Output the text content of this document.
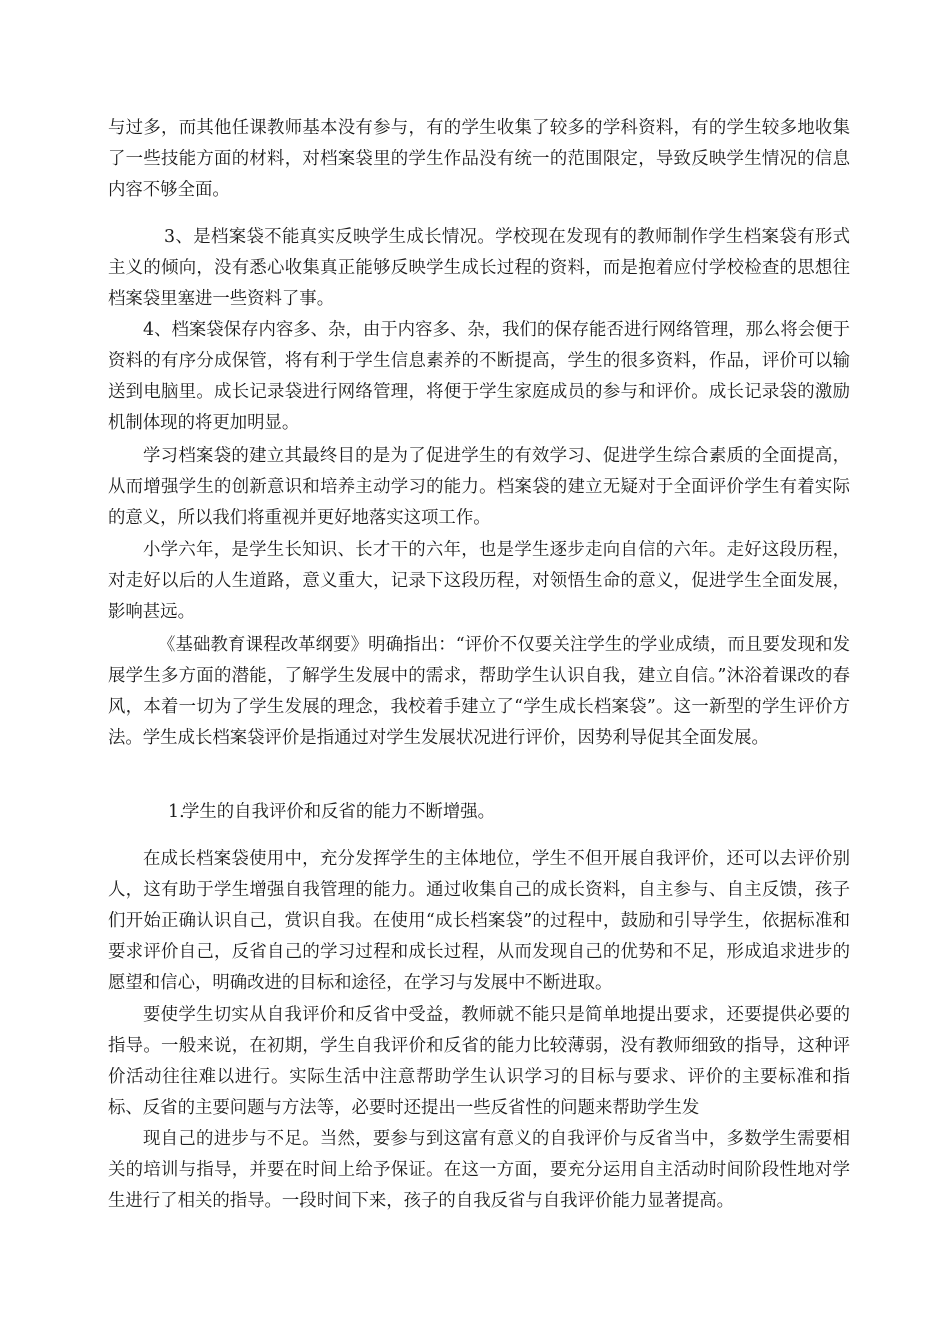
与过多，而其他任课教师基本没有参与，有的学生收集了较多的学科资料，有的学生较多地收集了一些技能方面的材料，对档案袋里的学生作品没有统一的范围限定，导致反映学生情况的信息内容不够全面。

3、是档案袋不能真实反映学生成长情况。学校现在发现有的教师制作学生档案袋有形式主义的倾向，没有悉心收集真正能够反映学生成长过程的资料，而是抱着应付学校检查的思想往档案袋里塞进一些资料了事。

4、档案袋保存内容多、杂，由于内容多、杂，我们的保存能否进行网络管理，那么将会便于资料的有序分成保管，将有利于学生信息素养的不断提高，学生的很多资料，作品，评价可以输送到电脑里。成长记录袋进行网络管理，将便于学生家庭成员的参与和评价。成长记录袋的激励机制体现的将更加明显。

学习档案袋的建立其最终目的是为了促进学生的有效学习、促进学生综合素质的全面提高，从而增强学生的创新意识和培养主动学习的能力。档案袋的建立无疑对于全面评价学生有着实际的意义，所以我们将重视并更好地落实这项工作。

小学六年，是学生长知识、长才干的六年，也是学生逐步走向自信的六年。走好这段历程，对走好以后的人生道路，意义重大，记录下这段历程，对领悟生命的意义，促进学生全面发展，影响甚远。

《基础教育课程改革纲要》明确指出：“评价不仅要关注学生的学业成绩，而且要发现和发展学生多方面的潜能，了解学生发展中的需求，帮助学生认识自我，建立自信。”沐浴着课改的春风，本着一切为了学生发展的理念，我校着手建立了“学生成长档案袋”。这一新型的学生评价方法。学生成长档案袋评价是指通过对学生发展状况进行评价，因势利导促其全面发展。

1.学生的自我评价和反省的能力不断增强。

在成长档案袋使用中，充分发挥学生的主体地位，学生不但开展自我评价，还可以去评价别人，这有助于学生增强自我管理的能力。通过收集自己的成长资料，自主参与、自主反馈，孩子们开始正确认识自己，赏识自我。在使用“成长档案袋”的过程中，鼓励和引导学生，依据标准和要求评价自己，反省自己的学习过程和成长过程，从而发现自己的优势和不足，形成追求进步的愿望和信心，明确改进的目标和途径，在学习与发展中不断进取。

要使学生切实从自我评价和反省中受益，教师就不能只是简单地提出要求，还要提供必要的指导。一般来说，在初期，学生自我评价和反省的能力比较薄弱，没有教师细致的指导，这种评价活动往往难以进行。实际生活中注意帮助学生认识学习的目标与要求、评价的主要标准和指标、反省的主要问题与方法等，必要时还提出一些反省性的问题来帮助学生发

现自己的进步与不足。当然，要参与到这富有意义的自我评价与反省当中，多数学生需要相关的培训与指导，并要在时间上给予保证。在这一方面，要充分运用自主活动时间阶段性地对学生进行了相关的指导。一段时间下来，孩子的自我反省与自我评价能力显著提高。
